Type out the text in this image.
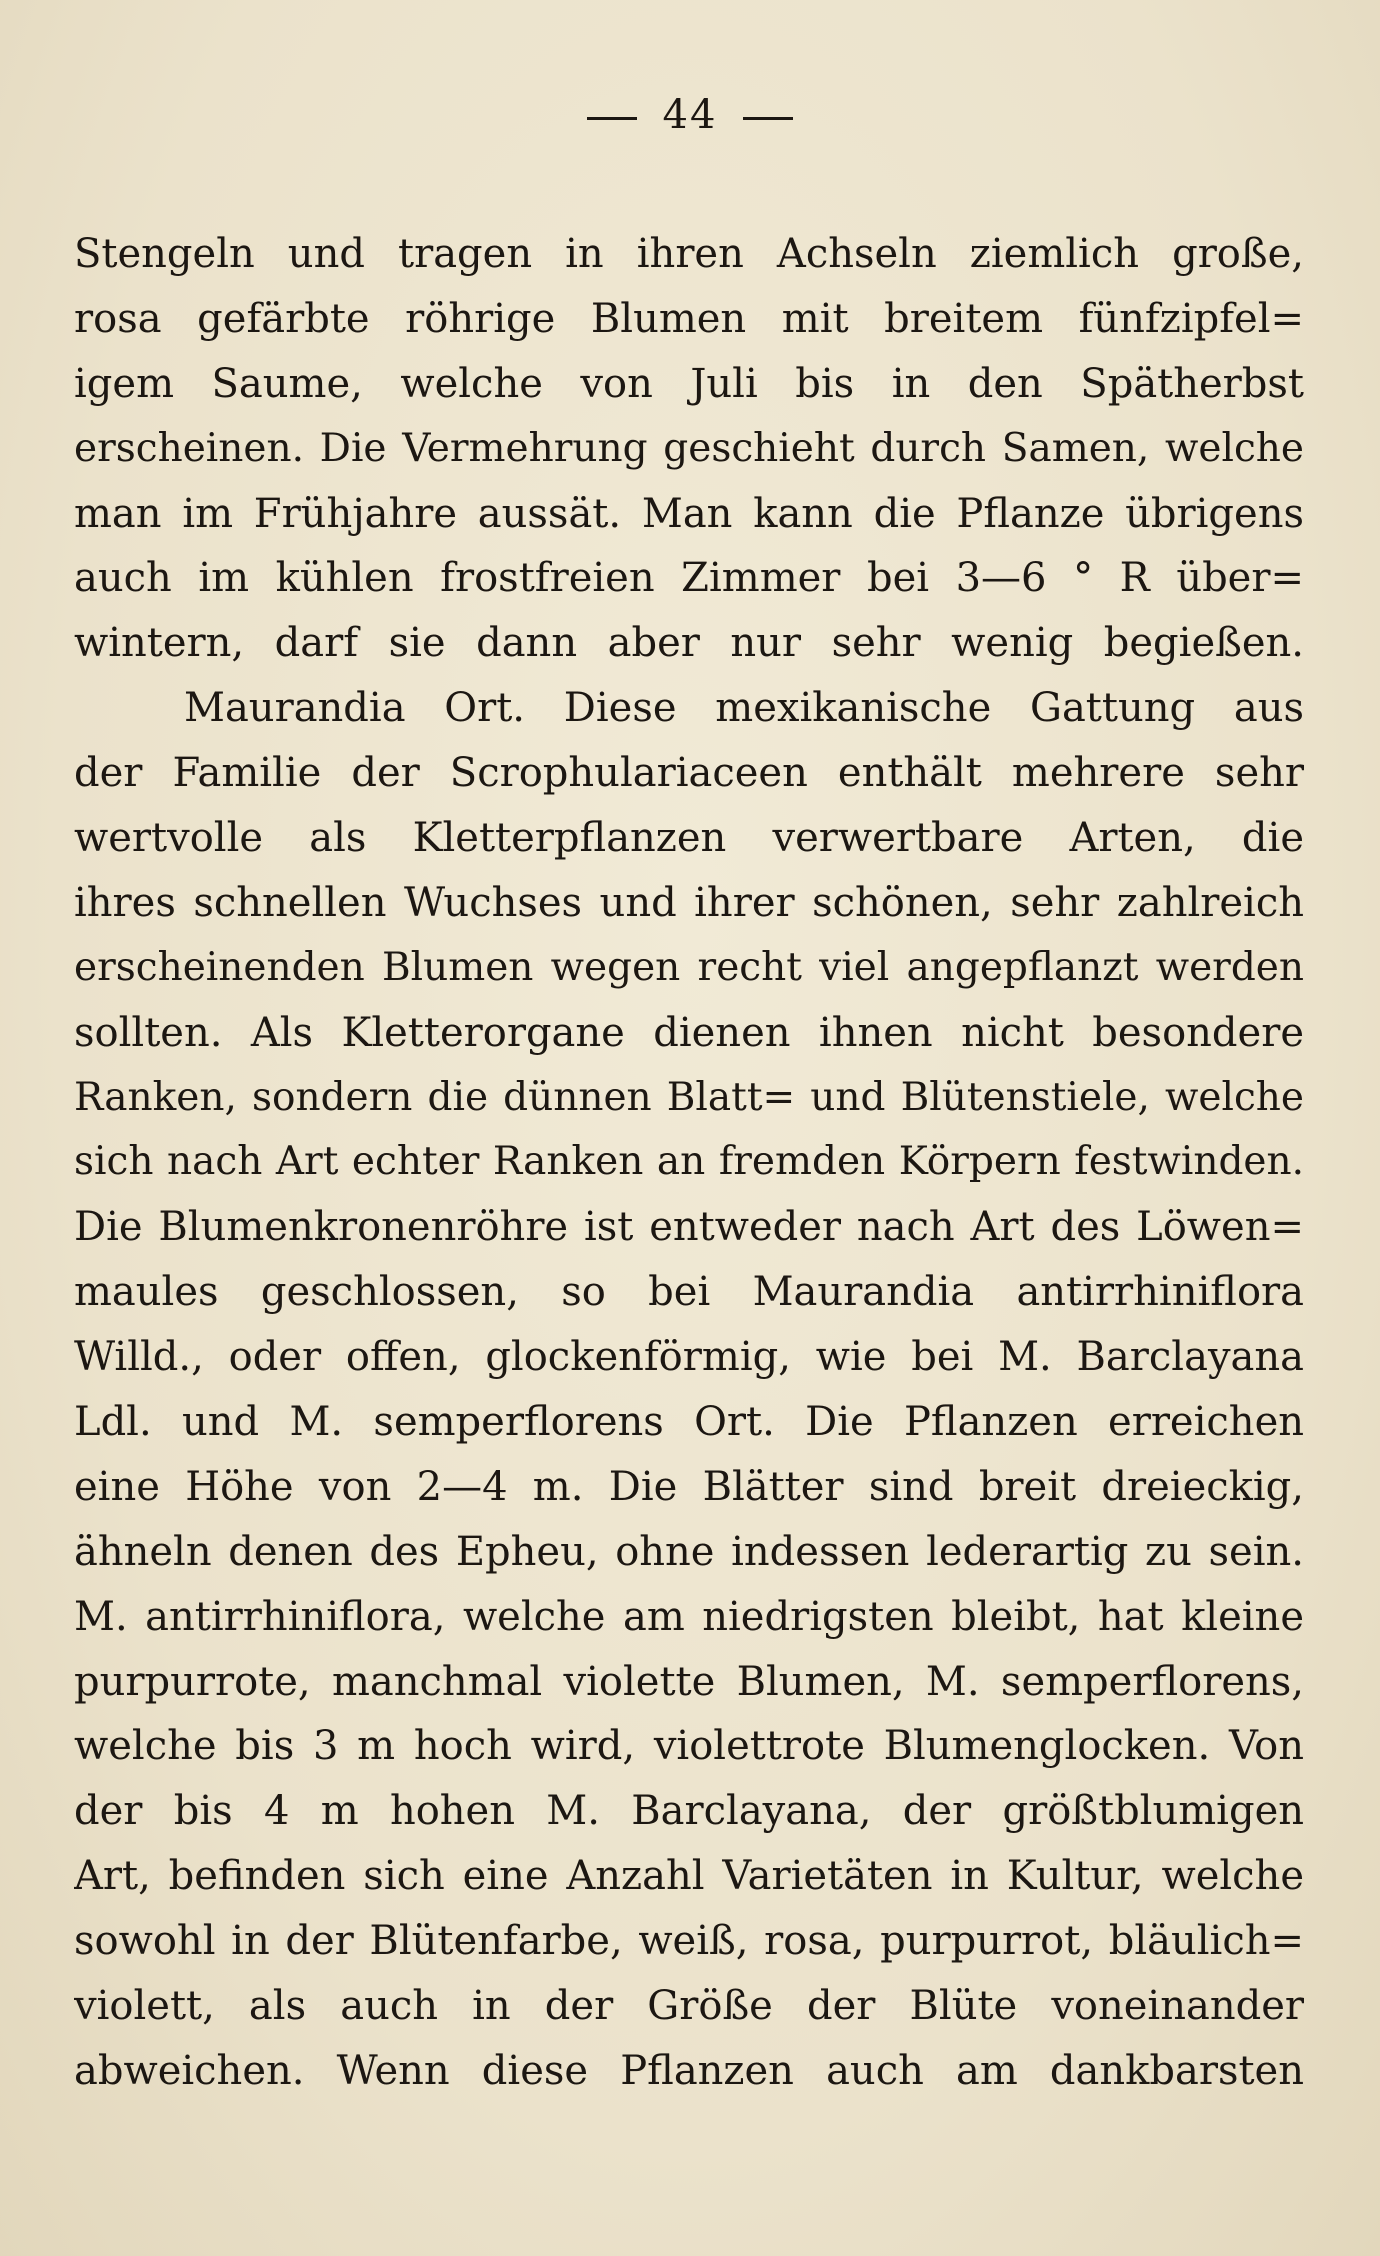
44
Stengeln und tragen in ihren Achseln ziemlich große,
rosa gefärbte röhrige Blumen mit breitem fünfzipfel=
igem Saume, welche von Juli bis in den Spätherbst
erscheinen. Die Vermehrung geschieht durch Samen, welche
man im Frühjahre aussät. Man kann die Pflanze übrigens
auch im kühlen frostfreien Zimmer bei 3—6 ° R über=
wintern, darf sie dann aber nur sehr wenig begießen.
Maurandia Ort. Diese mexikanische Gattung aus
der Familie der Scrophulariaceen enthält mehrere sehr
wertvolle als Kletterpflanzen verwertbare Arten, die
ihres schnellen Wuchses und ihrer schönen, sehr zahlreich
erscheinenden Blumen wegen recht viel angepflanzt werden
sollten. Als Kletterorgane dienen ihnen nicht besondere
Ranken, sondern die dünnen Blatt= und Blütenstiele, welche
sich nach Art echter Ranken an fremden Körpern festwinden.
Die Blumenkronenröhre ist entweder nach Art des Löwen=
maules geschlossen, so bei Maurandia antirrhiniflora
Willd., oder offen, glockenförmig, wie bei M. Barclayana
Ldl. und M. semperflorens Ort. Die Pflanzen erreichen
eine Höhe von 2—4 m. Die Blätter sind breit dreieckig,
ähneln denen des Epheu, ohne indessen lederartig zu sein.
M. antirrhiniflora, welche am niedrigsten bleibt, hat kleine
purpurrote, manchmal violette Blumen, M. semperflorens,
welche bis 3 m hoch wird, violettrote Blumenglocken. Von
der bis 4 m hohen M. Barclayana, der größtblumigen
Art, befinden sich eine Anzahl Varietäten in Kultur, welche
sowohl in der Blütenfarbe, weiß, rosa, purpurrot, bläulich=
violett, als auch in der Größe der Blüte voneinander
abweichen. Wenn diese Pflanzen auch am dankbarsten
